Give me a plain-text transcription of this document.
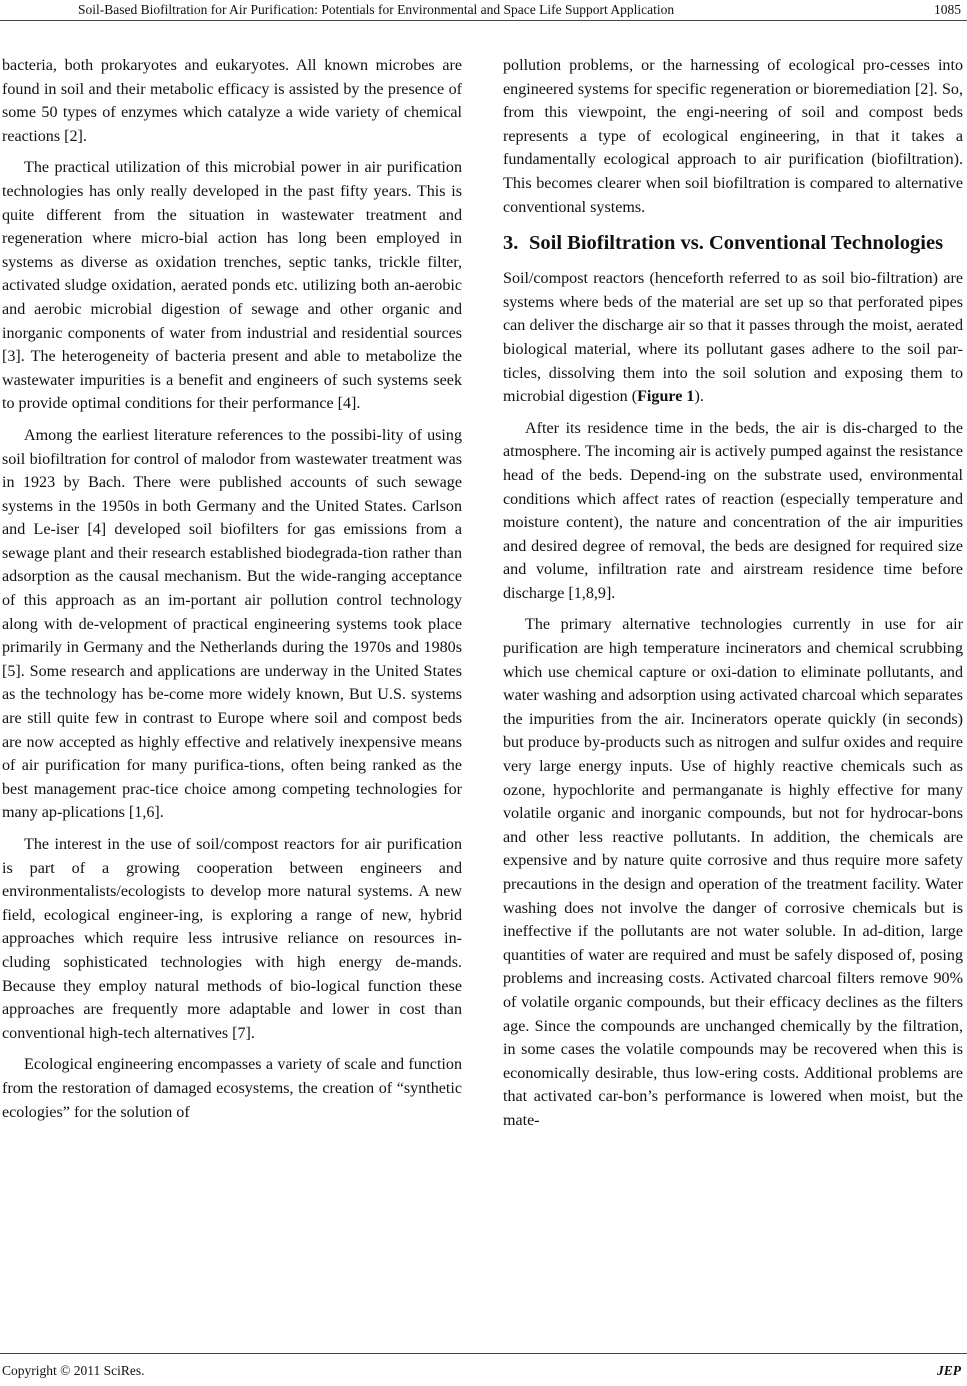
Soil-Based Biofiltration for Air Purification: Potentials for Environmental and Space Life Support Application	1085

bacteria, both prokaryotes and eukaryotes. All known microbes are found in soil and their metabolic efficacy is assisted by the presence of some 50 types of enzymes which catalyze a wide variety of chemical reactions [2].

The practical utilization of this microbial power in air purification technologies has only really developed in the past fifty years. This is quite different from the situation in wastewater treatment and regeneration where micro-bial action has long been employed in systems as diverse as oxidation trenches, septic tanks, trickle filter, activated sludge oxidation, aerated ponds etc. utilizing both an-aerobic and aerobic microbial digestion of sewage and other organic and inorganic components of water from industrial and residential sources [3]. The heterogeneity of bacteria present and able to metabolize the wastewater impurities is a benefit and engineers of such systems seek to provide optimal conditions for their performance [4].

Among the earliest literature references to the possibi-lity of using soil biofiltration for control of malodor from wastewater treatment was in 1923 by Bach. There were published accounts of such sewage systems in the 1950s in both Germany and the United States. Carlson and Le-iser [4] developed soil biofilters for gas emissions from a sewage plant and their research established biodegrada-tion rather than adsorption as the causal mechanism. But the wide-ranging acceptance of this approach as an im-portant air pollution control technology along with de-velopment of practical engineering systems took place primarily in Germany and the Netherlands during the 1970s and 1980s [5]. Some research and applications are underway in the United States as the technology has be-come more widely known, But U.S. systems are still quite few in contrast to Europe where soil and compost beds are now accepted as highly effective and relatively inexpensive means of air purification for many purifica-tions, often being ranked as the best management prac-tice choice among competing technologies for many ap-plications [1,6].

The interest in the use of soil/compost reactors for air purification is part of a growing cooperation between engineers and environmentalists/ecologists to develop more natural systems. A new field, ecological engineer-ing, is exploring a range of new, hybrid approaches which require less intrusive reliance on resources in-cluding sophisticated technologies with high energy de-mands. Because they employ natural methods of bio-logical function these approaches are frequently more adaptable and lower in cost than conventional high-tech alternatives [7].

Ecological engineering encompasses a variety of scale and function from the restoration of damaged ecosystems, the creation of “synthetic ecologies” for the solution of

pollution problems, or the harnessing of ecological pro-cesses into engineered systems for specific regeneration or bioremediation [2]. So, from this viewpoint, the engi-neering of soil and compost beds represents a type of ecological engineering, in that it takes a fundamentally ecological approach to air purification (biofiltration). This becomes clearer when soil biofiltration is compared to alternative conventional systems.

3. Soil Biofiltration vs. Conventional Technologies

Soil/compost reactors (henceforth referred to as soil bio-filtration) are systems where beds of the material are set up so that perforated pipes can deliver the discharge air so that it passes through the moist, aerated biological material, where its pollutant gases adhere to the soil par-ticles, dissolving them into the soil solution and exposing them to microbial digestion (Figure 1).

After its residence time in the beds, the air is dis-charged to the atmosphere. The incoming air is actively pumped against the resistance head of the beds. Depend-ing on the substrate used, environmental conditions which affect rates of reaction (especially temperature and moisture content), the nature and concentration of the air impurities and desired degree of removal, the beds are designed for required size and volume, infiltration rate and airstream residence time before discharge [1,8,9].

The primary alternative technologies currently in use for air purification are high temperature incinerators and chemical scrubbing which use chemical capture or oxi-dation to eliminate pollutants, and water washing and adsorption using activated charcoal which separates the impurities from the air. Incinerators operate quickly (in seconds) but produce by-products such as nitrogen and sulfur oxides and require very large energy inputs. Use of highly reactive chemicals such as ozone, hypochlorite and permanganate is highly effective for many volatile organic and inorganic compounds, but not for hydrocar-bons and other less reactive pollutants. In addition, the chemicals are expensive and by nature quite corrosive and thus require more safety precautions in the design and operation of the treatment facility. Water washing does not involve the danger of corrosive chemicals but is ineffective if the pollutants are not water soluble. In ad-dition, large quantities of water are required and must be safely disposed of, posing problems and increasing costs. Activated charcoal filters remove 90% of volatile organic compounds, but their efficacy declines as the filters age. Since the compounds are unchanged chemically by the filtration, in some cases the volatile compounds may be recovered when this is economically desirable, thus low-ering costs. Additional problems are that activated car-bon’s performance is lowered when moist, but the mate-

Copyright © 2011 SciRes.	JEP
